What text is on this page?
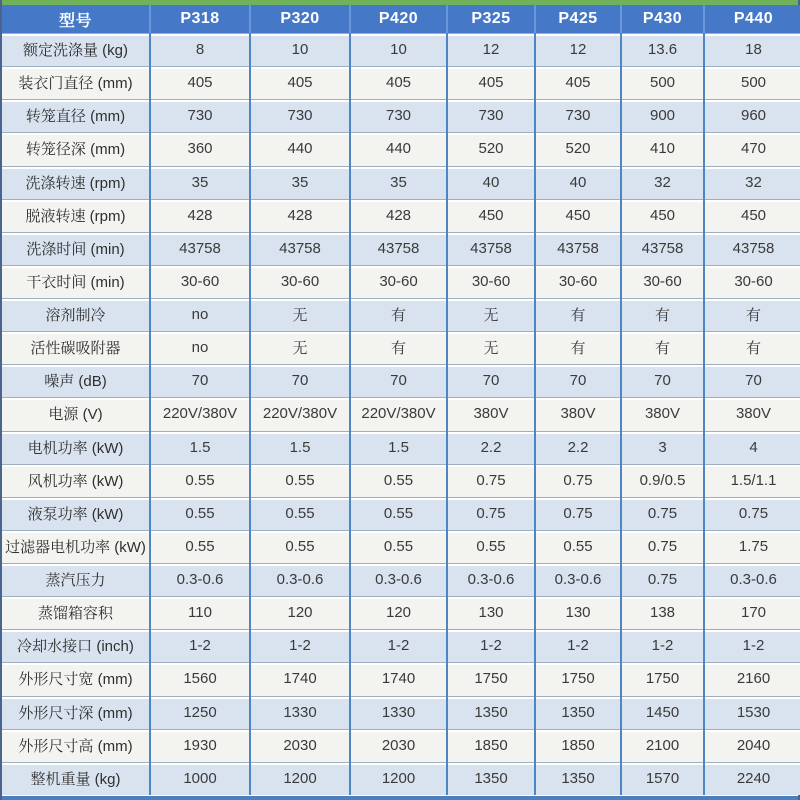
型号	P318	P320	P420	P325	P425	P430	P440
额定洗涤量 (kg)	8	10	10	12	12	13.6	18
装衣门直径 (mm)	405	405	405	405	405	500	500
转笼直径 (mm)	730	730	730	730	730	900	960
转笼径深 (mm)	360	440	440	520	520	410	470
洗涤转速 (rpm)	35	35	35	40	40	32	32
脱液转速 (rpm)	428	428	428	450	450	450	450
洗涤时间 (min)	43758	43758	43758	43758	43758	43758	43758
干衣时间 (min)	30-60	30-60	30-60	30-60	30-60	30-60	30-60
溶剂制冷	no	无	有	无	有	有	有
活性碳吸附器	no	无	有	无	有	有	有
噪声 (dB)	70	70	70	70	70	70	70
电源 (V)	220V/380V	220V/380V	220V/380V	380V	380V	380V	380V
电机功率 (kW)	1.5	1.5	1.5	2.2	2.2	3	4
风机功率 (kW)	0.55	0.55	0.55	0.75	0.75	0.9/0.5	1.5/1.1
液泵功率 (kW)	0.55	0.55	0.55	0.75	0.75	0.75	0.75
过滤器电机功率 (kW)	0.55	0.55	0.55	0.55	0.55	0.75	1.75
蒸汽压力	0.3-0.6	0.3-0.6	0.3-0.6	0.3-0.6	0.3-0.6	0.75	0.3-0.6
蒸馏箱容积	110	120	120	130	130	138	170
冷却水接口 (inch)	1-2	1-2	1-2	1-2	1-2	1-2	1-2
外形尺寸宽 (mm)	1560	1740	1740	1750	1750	1750	2160
外形尺寸深 (mm)	1250	1330	1330	1350	1350	1450	1530
外形尺寸高 (mm)	1930	2030	2030	1850	1850	2100	2040
整机重量 (kg)	1000	1200	1200	1350	1350	1570	2240
